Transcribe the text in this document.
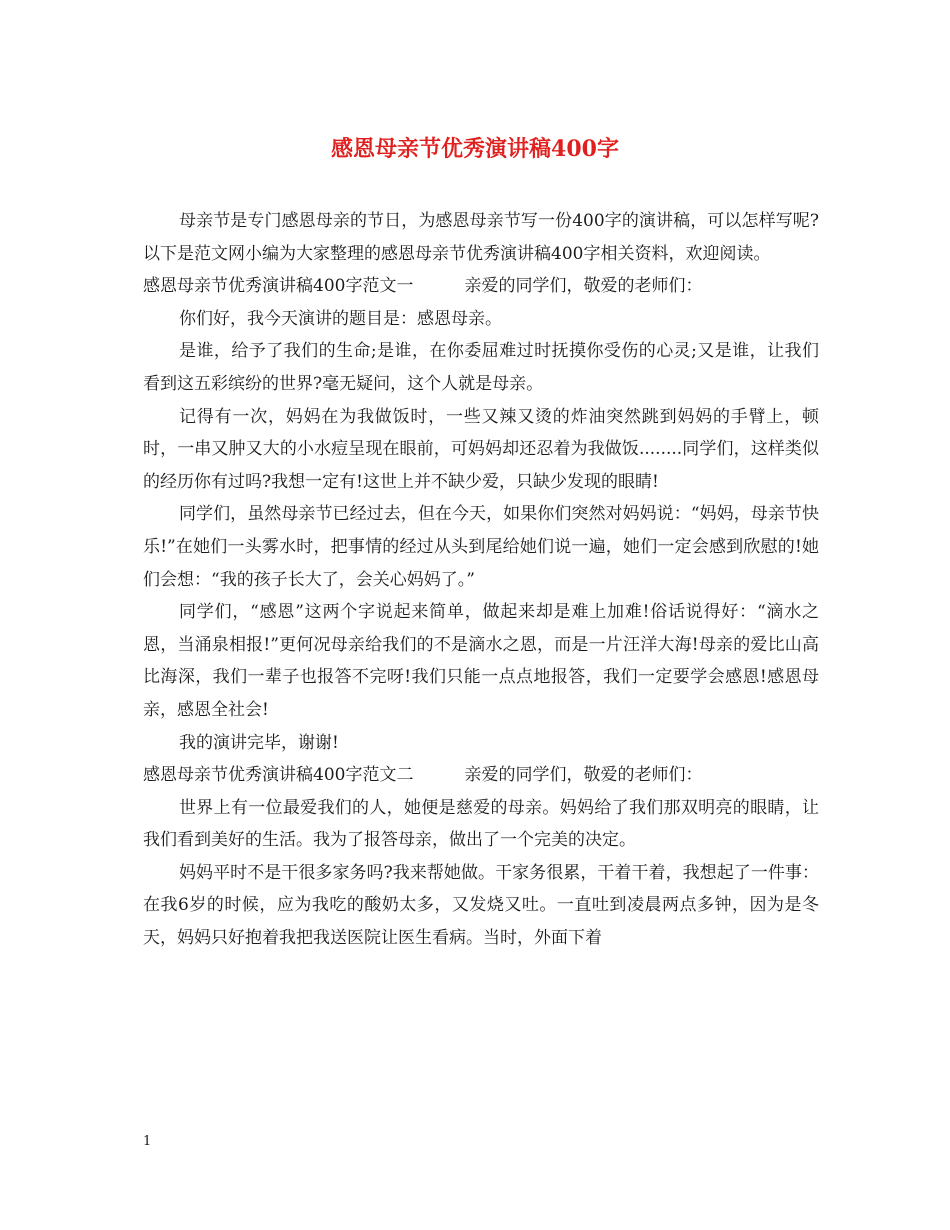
感恩母亲节优秀演讲稿400字

母亲节是专门感恩母亲的节日，为感恩母亲节写一份400字的演讲稿，可以怎样写呢?以下是范文网小编为大家整理的感恩母亲节优秀演讲稿400字相关资料，欢迎阅读。

感恩母亲节优秀演讲稿400字范文一　　　亲爱的同学们，敬爱的老师们：

你们好，我今天演讲的题目是：感恩母亲。

是谁，给予了我们的生命;是谁，在你委屈难过时抚摸你受伤的心灵;又是谁，让我们看到这五彩缤纷的世界?毫无疑问，这个人就是母亲。

记得有一次，妈妈在为我做饭时，一些又辣又烫的炸油突然跳到妈妈的手臂上，顿时，一串又肿又大的小水痘呈现在眼前，可妈妈却还忍着为我做饭........同学们，这样类似的经历你有过吗?我想一定有!这世上并不缺少爱，只缺少发现的眼睛!

同学们，虽然母亲节已经过去，但在今天，如果你们突然对妈妈说：“妈妈，母亲节快乐!”在她们一头雾水时，把事情的经过从头到尾给她们说一遍，她们一定会感到欣慰的!她们会想：“我的孩子长大了，会关心妈妈了。”

同学们，“感恩”这两个字说起来简单，做起来却是难上加难!俗话说得好：“滴水之恩，当涌泉相报!”更何况母亲给我们的不是滴水之恩，而是一片汪洋大海!母亲的爱比山高比海深，我们一辈子也报答不完呀!我们只能一点点地报答，我们一定要学会感恩!感恩母亲，感恩全社会!

我的演讲完毕，谢谢!

感恩母亲节优秀演讲稿400字范文二　　　亲爱的同学们，敬爱的老师们：

世界上有一位最爱我们的人，她便是慈爱的母亲。妈妈给了我们那双明亮的眼睛，让我们看到美好的生活。我为了报答母亲，做出了一个完美的决定。

妈妈平时不是干很多家务吗?我来帮她做。干家务很累，干着干着，我想起了一件事：在我6岁的时候，应为我吃的酸奶太多，又发烧又吐。一直吐到凌晨两点多钟，因为是冬天，妈妈只好抱着我把我送医院让医生看病。当时，外面下着

1
